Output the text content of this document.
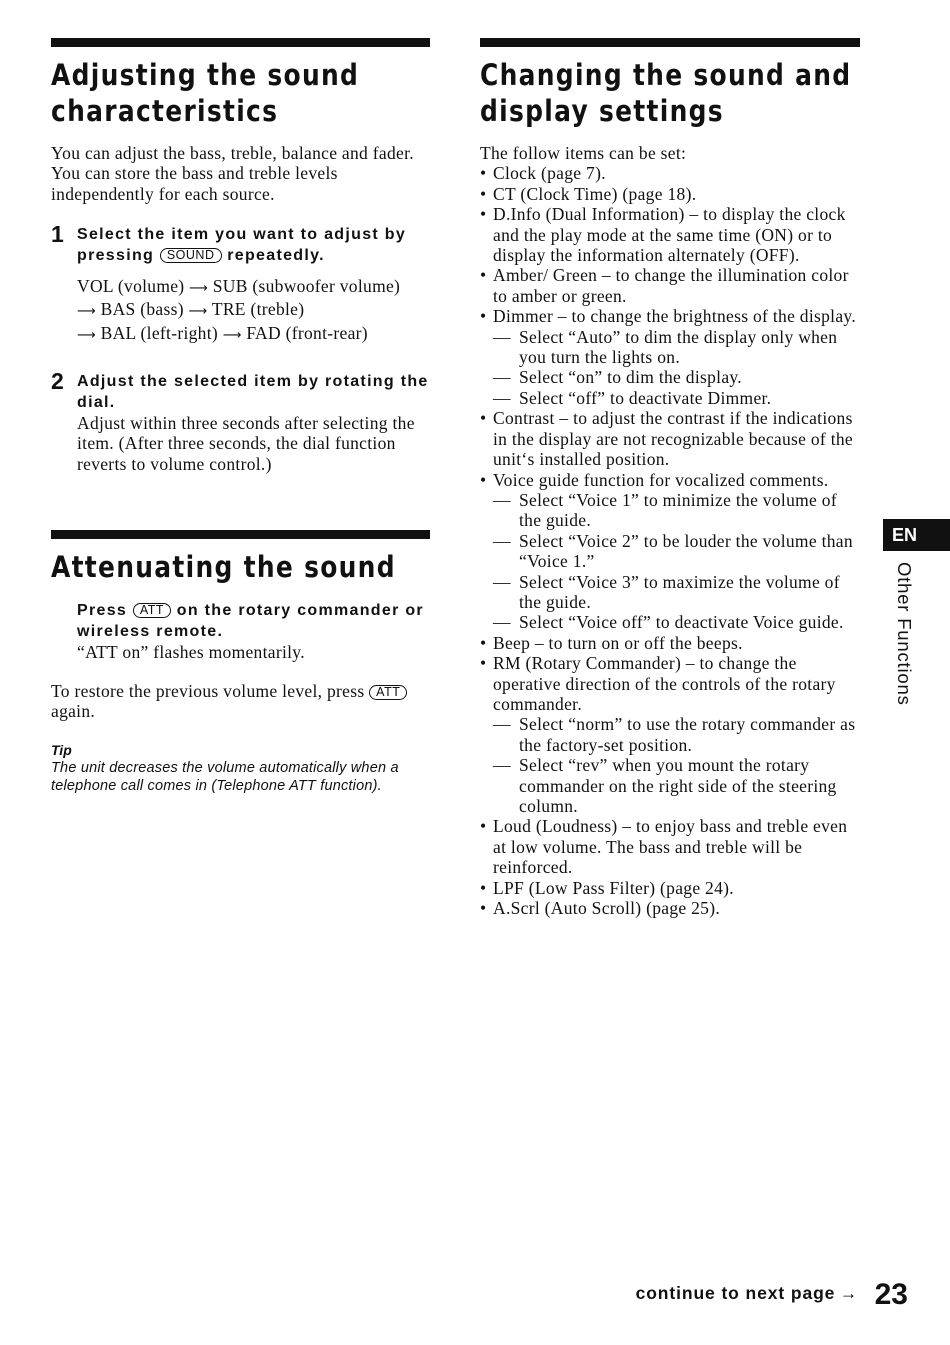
Adjusting the sound
characteristics
You can adjust the bass, treble, balance and fader.
You can store the bass and treble levels independently for each source.
1 Select the item you want to adjust by pressing SOUND repeatedly.
VOL (volume) ⟶ SUB (subwoofer volume)
⟶ BAS (bass) ⟶ TRE (treble)
⟶ BAL (left-right) ⟶ FAD (front-rear)
2 Adjust the selected item by rotating the dial.
Adjust within three seconds after selecting the item. (After three seconds, the dial function reverts to volume control.)
Attenuating the sound
Press ATT on the rotary commander or wireless remote.
“ATT on” flashes momentarily.
To restore the previous volume level, press ATT again.
Tip
The unit decreases the volume automatically when a telephone call comes in (Telephone ATT function).
Changing the sound and
display settings
The follow items can be set:
• Clock (page 7).
• CT (Clock Time) (page 18).
• D.Info (Dual Information) – to display the clock and the play mode at the same time (ON) or to display the information alternately (OFF).
• Amber/ Green – to change the illumination color to amber or green.
• Dimmer – to change the brightness of the display.
— Select “Auto” to dim the display only when you turn the lights on.
— Select “on” to dim the display.
— Select “off” to deactivate Dimmer.
• Contrast – to adjust the contrast if the indications in the display are not recognizable because of the unit‘s installed position.
• Voice guide function for vocalized comments.
— Select “Voice 1” to minimize the volume of the guide.
— Select “Voice 2” to be louder the volume than “Voice 1.”
— Select “Voice 3” to maximize the volume of the guide.
— Select “Voice off” to deactivate Voice guide.
• Beep – to turn on or off the beeps.
• RM (Rotary Commander) – to change the operative direction of the controls of the rotary commander.
— Select “norm” to use the rotary commander as the factory-set position.
— Select “rev” when you mount the rotary commander on the right side of the steering column.
• Loud (Loudness) – to enjoy bass and treble even at low volume. The bass and treble will be reinforced.
• LPF (Low Pass Filter) (page 24).
• A.Scrl (Auto Scroll) (page 25).
EN
Other Functions
continue to next page → 23
